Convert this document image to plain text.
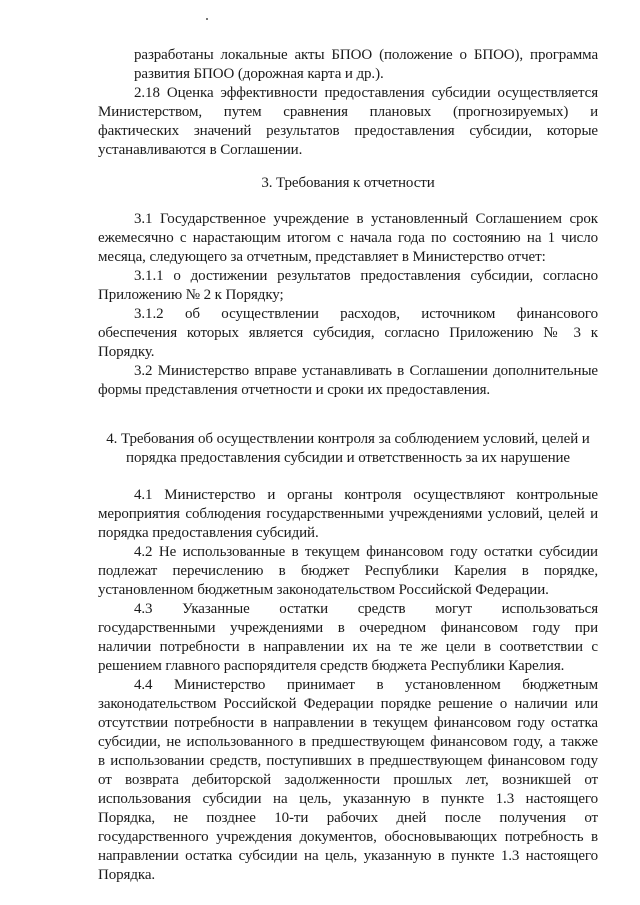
разработаны локальные акты БПОО (положение о БПОО), программа
развития БПОО (дорожная карта и др.).
2.18 Оценка эффективности предоставления субсидии осуществляется
Министерством, путем сравнения плановых (прогнозируемых) и
фактических значений результатов предоставления субсидии, которые
устанавливаются в Соглашении.
3. Требования к отчетности
3.1 Государственное учреждение в установленный Соглашением срок
ежемесячно с нарастающим итогом с начала года по состоянию на 1 число
месяца, следующего за отчетным, представляет в Министерство отчет:
3.1.1 о достижении результатов предоставления субсидии, согласно
Приложению № 2 к Порядку;
3.1.2 об осуществлении расходов, источником финансового
обеспечения которых является субсидия, согласно Приложению № 3 к
Порядку.
3.2 Министерство вправе устанавливать в Соглашении дополнительные
формы представления отчетности и сроки их предоставления.
4. Требования об осуществлении контроля за соблюдением условий, целей и
порядка предоставления субсидии и ответственность за их нарушение
4.1 Министерство и органы контроля осуществляют контрольные
мероприятия соблюдения государственными учреждениями условий, целей и
порядка предоставления субсидий.
4.2 Не использованные в текущем финансовом году остатки субсидии
подлежат перечислению в бюджет Республики Карелия в порядке,
установленном бюджетным законодательством Российской Федерации.
4.3 Указанные остатки средств могут использоваться
государственными учреждениями в очередном финансовом году при
наличии потребности в направлении их на те же цели в соответствии с
решением главного распорядителя средств бюджета Республики Карелия.
4.4 Министерство принимает в установленном бюджетным
законодательством Российской Федерации порядке решение о наличии или
отсутствии потребности в направлении в текущем финансовом году остатка
субсидии, не использованного в предшествующем финансовом году, а также
в использовании средств, поступивших в предшествующем финансовом году
от возврата дебиторской задолженности прошлых лет, возникшей от
использования субсидии на цель, указанную в пункте 1.3 настоящего
Порядка, не позднее 10-ти рабочих дней после получения от
государственного учреждения документов, обосновывающих потребность в
направлении остатка субсидии на цель, указанную в пункте 1.3 настоящего
Порядка.
